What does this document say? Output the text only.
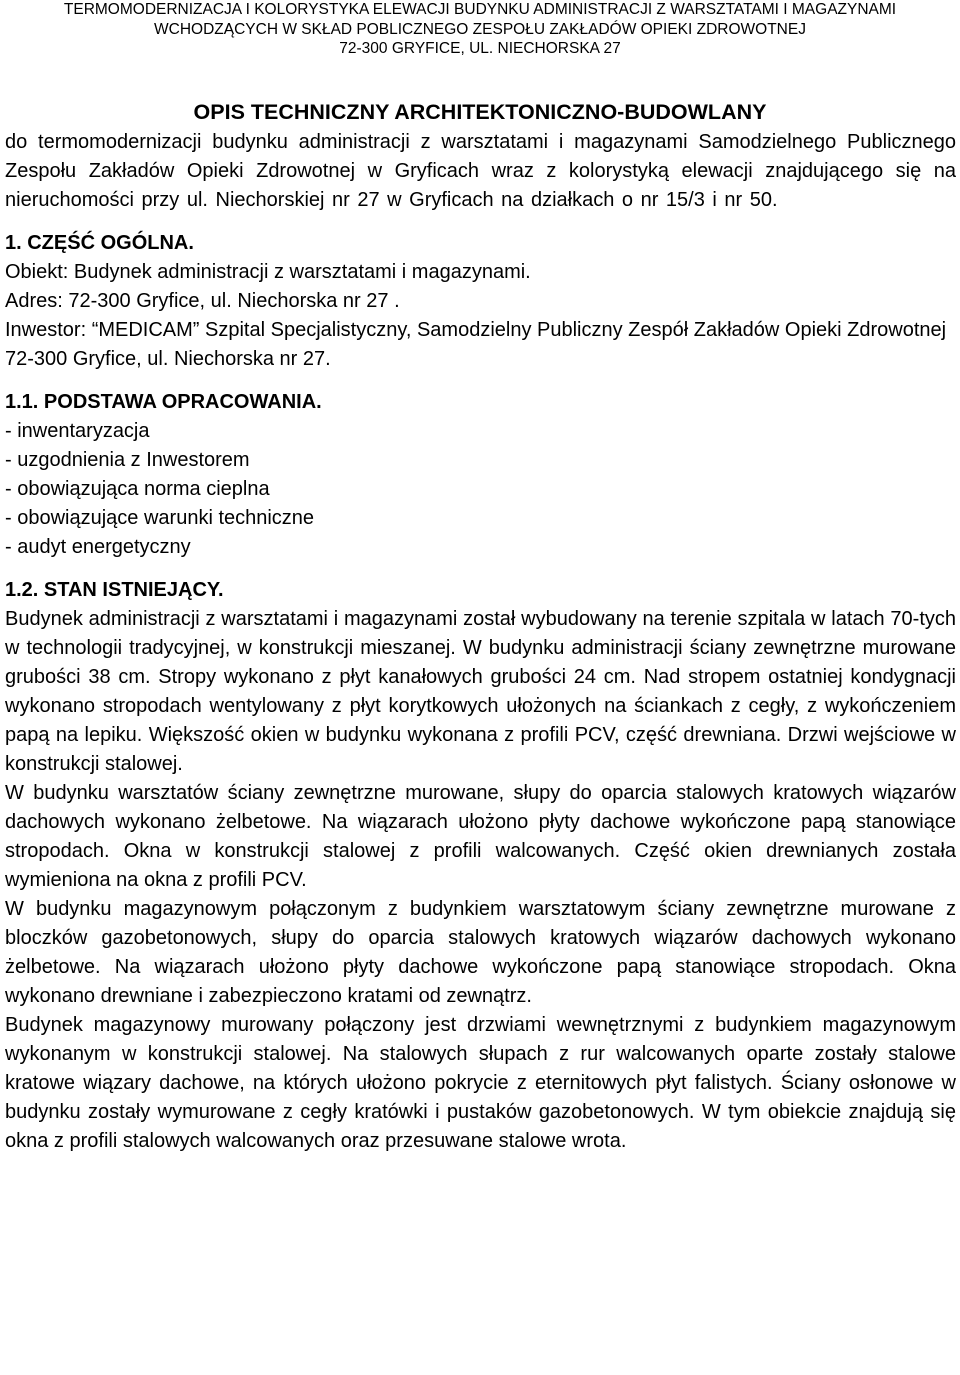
TERMOMODERNIZACJA I KOLORYSTYKA ELEWACJI BUDYNKU ADMINISTRACJI Z WARSZTATAMI I MAGAZYNAMI
WCHODZĄCYCH W SKŁAD POBLICZNEGO ZESPOŁU ZAKŁADÓW OPIEKI ZDROWOTNEJ
72-300 GRYFICE, UL. NIECHORSKA 27
OPIS TECHNICZNY ARCHITEKTONICZNO-BUDOWLANY

do termomodernizacji budynku administracji z warsztatami i magazynami Samodzielnego Publicznego Zespołu Zakładów Opieki Zdrowotnej w Gryficach wraz z kolorystyką elewacji znajdującego się na nieruchomości przy ul. Niechorskiej nr 27 w Gryficach na działkach o nr 15/3 i nr 50.

1. CZĘŚĆ OGÓLNA.

Obiekt: Budynek administracji z warsztatami i magazynami.

Adres: 72-300 Gryfice, ul. Niechorska nr 27 .

Inwestor: “MEDICAM” Szpital Specjalistyczny, Samodzielny Publiczny Zespół Zakładów Opieki Zdrowotnej

72-300 Gryfice, ul. Niechorska nr 27.

1.1. PODSTAWA OPRACOWANIA.

- inwentaryzacja
- uzgodnienia z Inwestorem
- obowiązująca norma cieplna
- obowiązujące warunki techniczne
- audyt energetyczny

1.2. STAN ISTNIEJĄCY.

Budynek administracji z warsztatami i magazynami został wybudowany na terenie szpitala w latach 70-tych w technologii tradycyjnej, w konstrukcji mieszanej. W budynku administracji ściany zewnętrzne murowane grubości 38 cm. Stropy wykonano z płyt kanałowych grubości 24 cm. Nad stropem ostatniej kondygnacji wykonano stropodach wentylowany z płyt korytkowych ułożonych na ściankach z cegły, z wykończeniem papą na lepiku. Większość okien w budynku wykonana z profili PCV, część drewniana. Drzwi wejściowe w konstrukcji stalowej.

W budynku warsztatów ściany zewnętrzne murowane, słupy do oparcia stalowych kratowych wiązarów dachowych wykonano żelbetowe. Na wiązarach ułożono płyty dachowe wykończone papą stanowiące stropodach. Okna w konstrukcji stalowej z profili walcowanych. Część okien drewnianych została wymieniona na okna z profili PCV.

W budynku magazynowym połączonym z budynkiem warsztatowym ściany zewnętrzne murowane z bloczków gazobetonowych, słupy do oparcia stalowych kratowych wiązarów dachowych wykonano żelbetowe. Na wiązarach ułożono płyty dachowe wykończone papą stanowiące stropodach. Okna wykonano drewniane i zabezpieczono kratami od zewnątrz.

Budynek magazynowy murowany połączony jest drzwiami wewnętrznymi z budynkiem magazynowym wykonanym w konstrukcji stalowej. Na stalowych słupach z rur walcowanych oparte zostały stalowe kratowe wiązary dachowe, na których ułożono pokrycie z eternitowych płyt falistych. Ściany osłonowe w budynku zostały wymurowane z cegły kratówki i pustaków gazobetonowych. W tym obiekcie znajdują się okna z profili stalowych walcowanych oraz przesuwane stalowe wrota.
